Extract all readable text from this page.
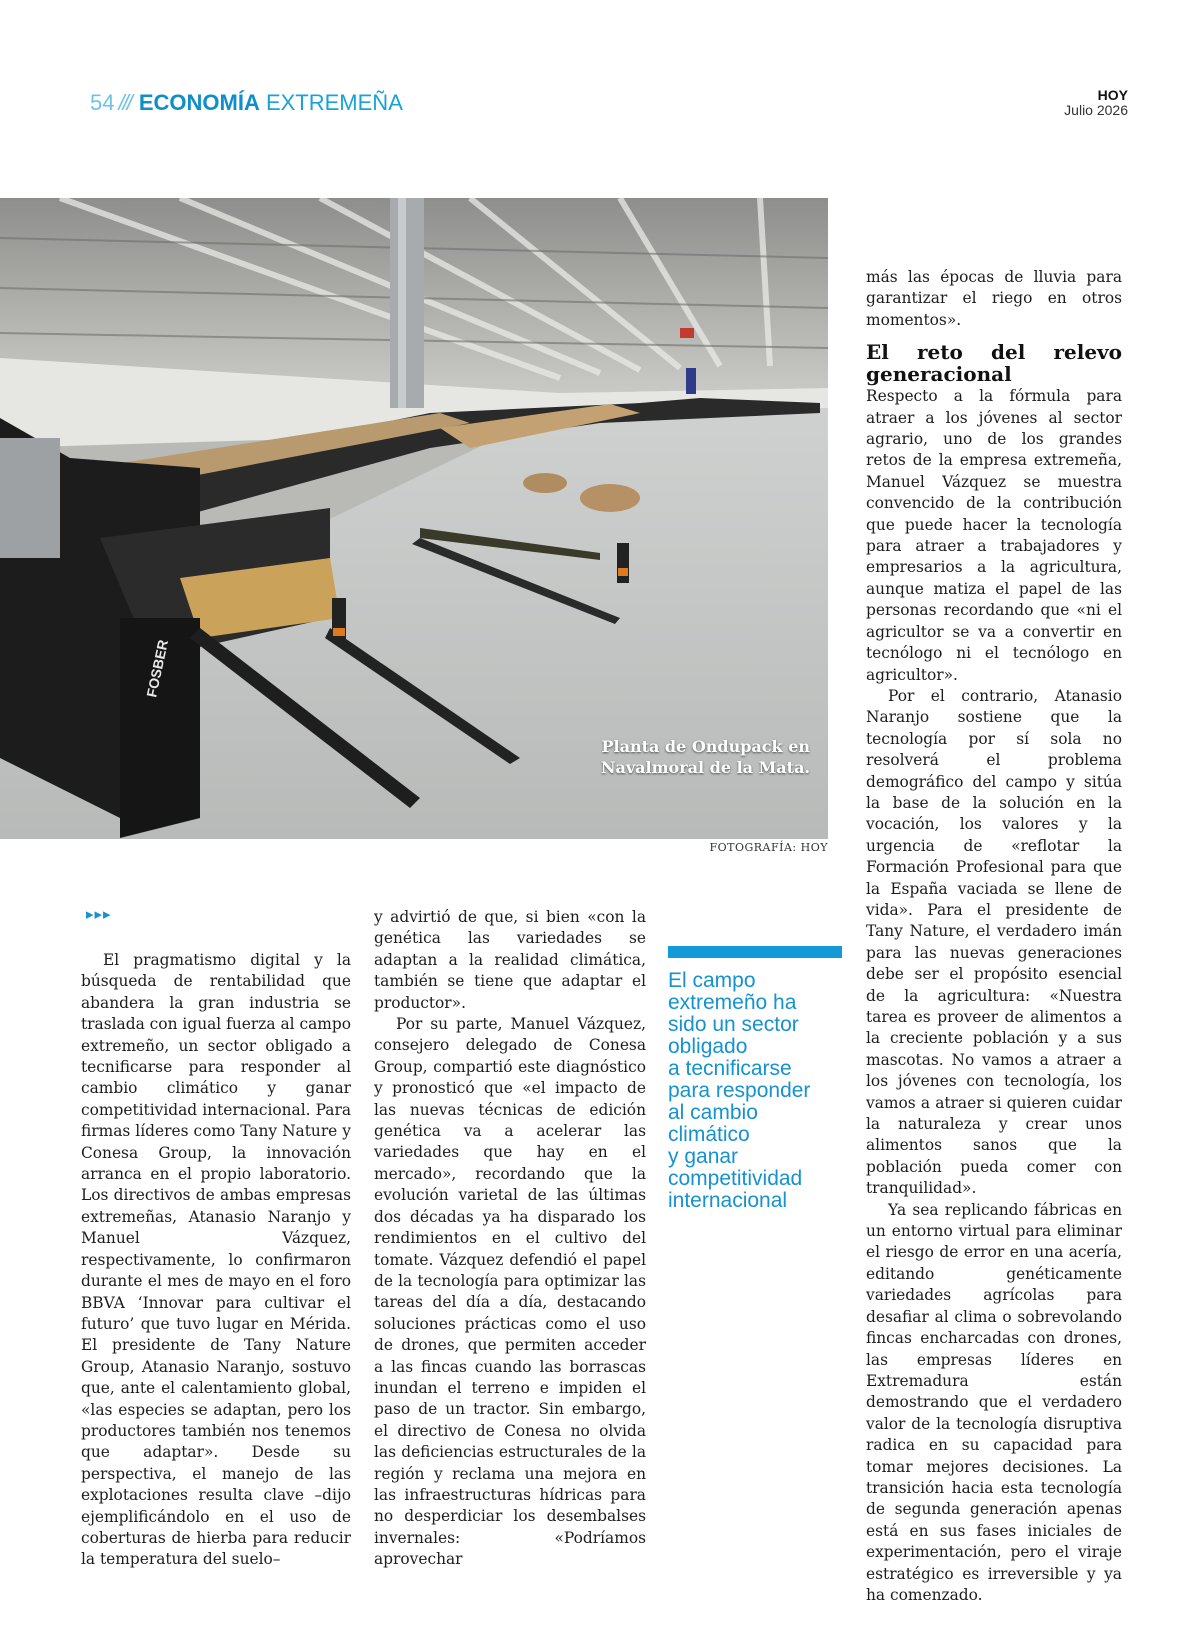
54 /// ECONOMÍA EXTREMEÑA	HOY
Julio 2026
FOSBER
Planta de Ondupack en Navalmoral de la Mata.
FOTOGRAFÍA: HOY
▸▸▸
El campo
extremeño ha
sido un sector
obligado
a tecnificarse
para responder
al cambio
climático
y ganar
competitividad
internacional

El pragmatismo digital y la búsqueda de rentabilidad que abandera la gran industria se traslada con igual fuerza al campo extremeño, un sector obligado a tecnificarse para responder al cambio climático y ganar competitividad internacional. Para firmas líderes como Tany Nature y Conesa Group, la innovación arranca en el propio laboratorio. Los directivos de ambas empresas extremeñas, Atanasio Naranjo y Manuel Vázquez, respectivamente, lo confirmaron durante el mes de mayo en el foro BBVA ‘Innovar para cultivar el futuro’ que tuvo lugar en Mérida. El presidente de Tany Nature Group, Atanasio Naranjo, sostuvo que, ante el calentamiento global, «las especies se adaptan, pero los productores también nos tenemos que adaptar». Desde su perspectiva, el manejo de las explotaciones resulta clave –dijo ejemplificándolo en el uso de coberturas de hierba para reducir la temperatura del suelo–

y advirtió de que, si bien «con la genética las variedades se adaptan a la realidad climática, también se tiene que adaptar el productor».

Por su parte, Manuel Vázquez, consejero delegado de Conesa Group, compartió este diagnóstico y pronosticó que «el impacto de las nuevas técnicas de edición genética va a acelerar las variedades que hay en el mercado», recordando que la evolución varietal de las últimas dos décadas ya ha disparado los rendimientos en el cultivo del tomate. Vázquez defendió el papel de la tecnología para optimizar las tareas del día a día, destacando soluciones prácticas como el uso de drones, que permiten acceder a las fincas cuando las borrascas inundan el terreno e impiden el paso de un tractor. Sin embargo, el directivo de Conesa no olvida las deficiencias estructurales de la región y reclama una mejora en las infraestructuras hídricas para no desperdiciar los desembalses invernales: «Podríamos aprovechar

más las épocas de lluvia para garantizar el riego en otros momentos».

El reto del relevo generacional

Respecto a la fórmula para atraer a los jóvenes al sector agrario, uno de los grandes retos de la empresa extremeña, Manuel Vázquez se muestra convencido de la contribución que puede hacer la tecnología para atraer a trabajadores y empresarios a la agricultura, aunque matiza el papel de las personas recordando que «ni el agricultor se va a convertir en tecnólogo ni el tecnólogo en agricultor».

Por el contrario, Atanasio Naranjo sostiene que la tecnología por sí sola no resolverá el problema demográfico del campo y sitúa la base de la solución en la vocación, los valores y la urgencia de «reflotar la Formación Profesional para que la España vaciada se llene de vida». Para el presidente de Tany Nature, el verdadero imán para las nuevas generaciones debe ser el propósito esencial de la agricultura: «Nuestra tarea es proveer de alimentos a la creciente población y a sus mascotas. No vamos a atraer a los jóvenes con tecnología, los vamos a atraer si quieren cuidar la naturaleza y crear unos alimentos sanos que la población pueda comer con tranquilidad».

Ya sea replicando fábricas en un entorno virtual para eliminar el riesgo de error en una acería, editando genéticamente variedades agrícolas para desafiar al clima o sobrevolando fincas encharcadas con drones, las empresas líderes en Extremadura están demostrando que el verdadero valor de la tecnología disruptiva radica en su capacidad para tomar mejores decisiones. La transición hacia esta tecnología de segunda generación apenas está en sus fases iniciales de experimentación, pero el viraje estratégico es irreversible y ya ha comenzado.
